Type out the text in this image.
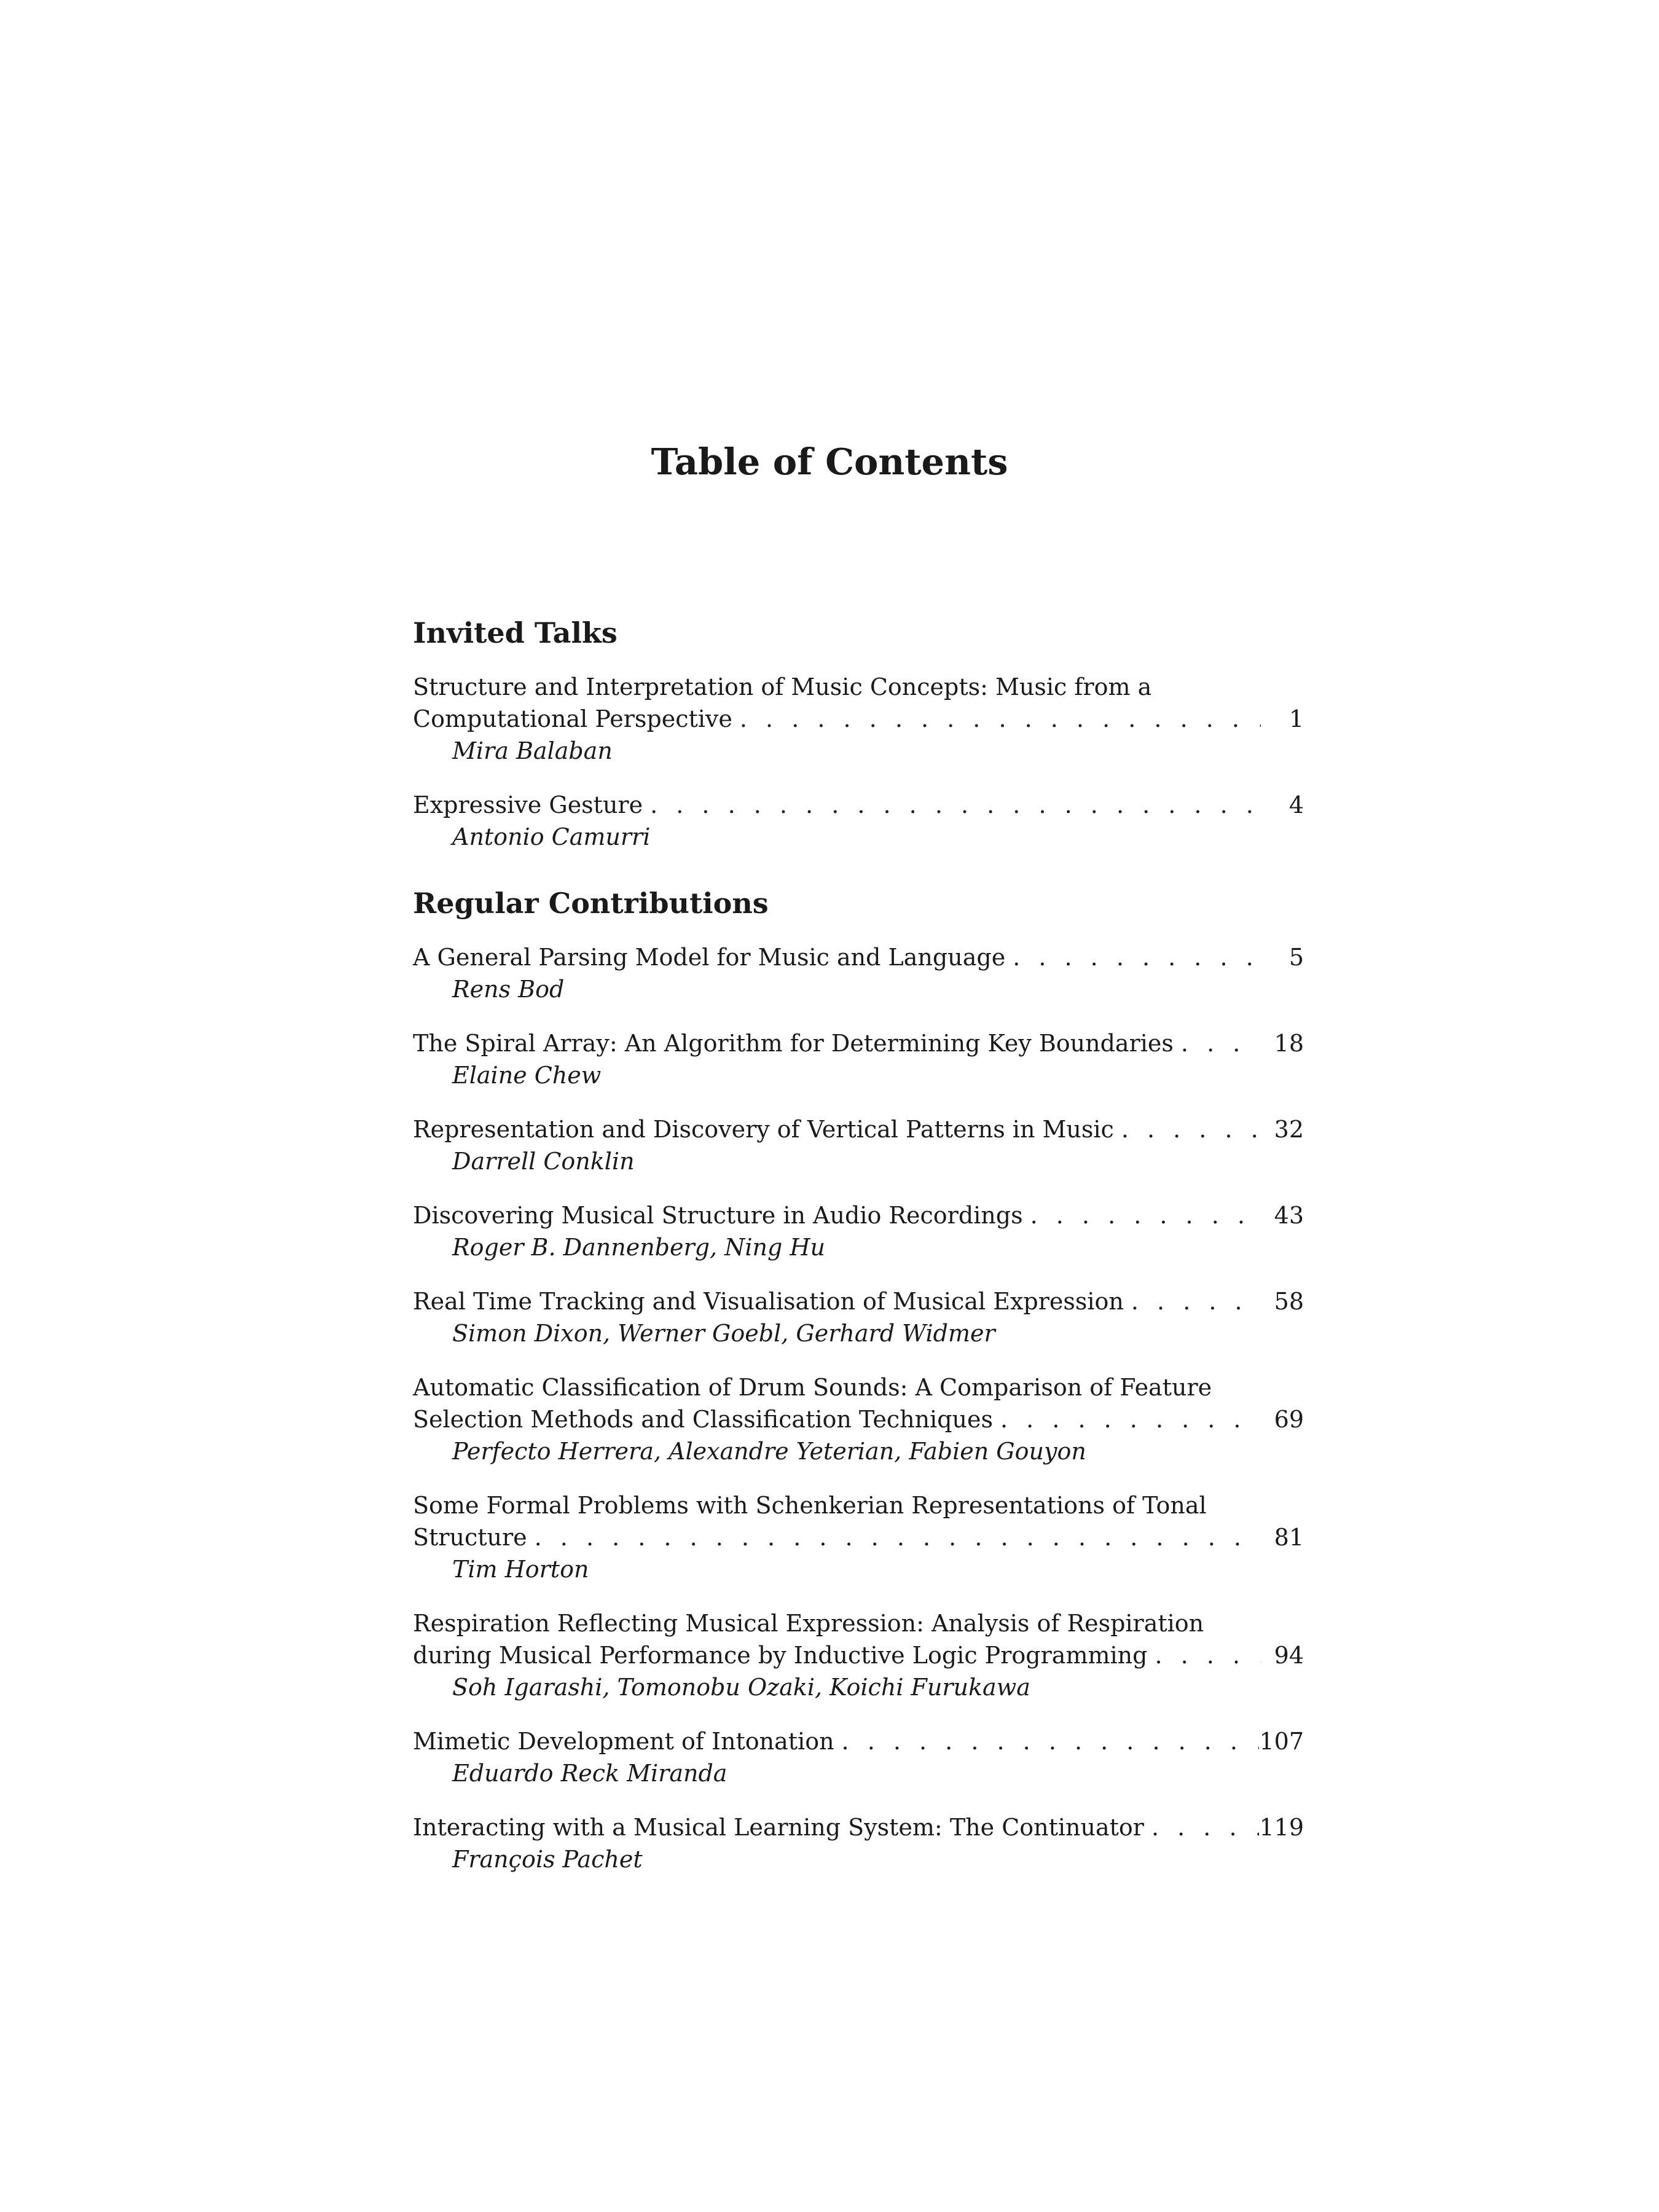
Table of Contents
Invited Talks
Structure and Interpretation of Music Concepts: Music from a
Computational Perspective . . .	1
Mira Balaban
Expressive Gesture . . .	4
Antonio Camurri
Regular Contributions
A General Parsing Model for Music and Language . . .	5
Rens Bod
The Spiral Array: An Algorithm for Determining Key Boundaries . . .	18
Elaine Chew
Representation and Discovery of Vertical Patterns in Music . . .	32
Darrell Conklin
Discovering Musical Structure in Audio Recordings . . .	43
Roger B. Dannenberg, Ning Hu
Real Time Tracking and Visualisation of Musical Expression . . .	58
Simon Dixon, Werner Goebl, Gerhard Widmer
Automatic Classification of Drum Sounds: A Comparison of Feature
Selection Methods and Classification Techniques . . .	69
Perfecto Herrera, Alexandre Yeterian, Fabien Gouyon
Some Formal Problems with Schenkerian Representations of Tonal
Structure . . .	81
Tim Horton
Respiration Reflecting Musical Expression: Analysis of Respiration
during Musical Performance by Inductive Logic Programming . . .	94
Soh Igarashi, Tomonobu Ozaki, Koichi Furukawa
Mimetic Development of Intonation . . .	107
Eduardo Reck Miranda
Interacting with a Musical Learning System: The Continuator . . .	119
François Pachet
